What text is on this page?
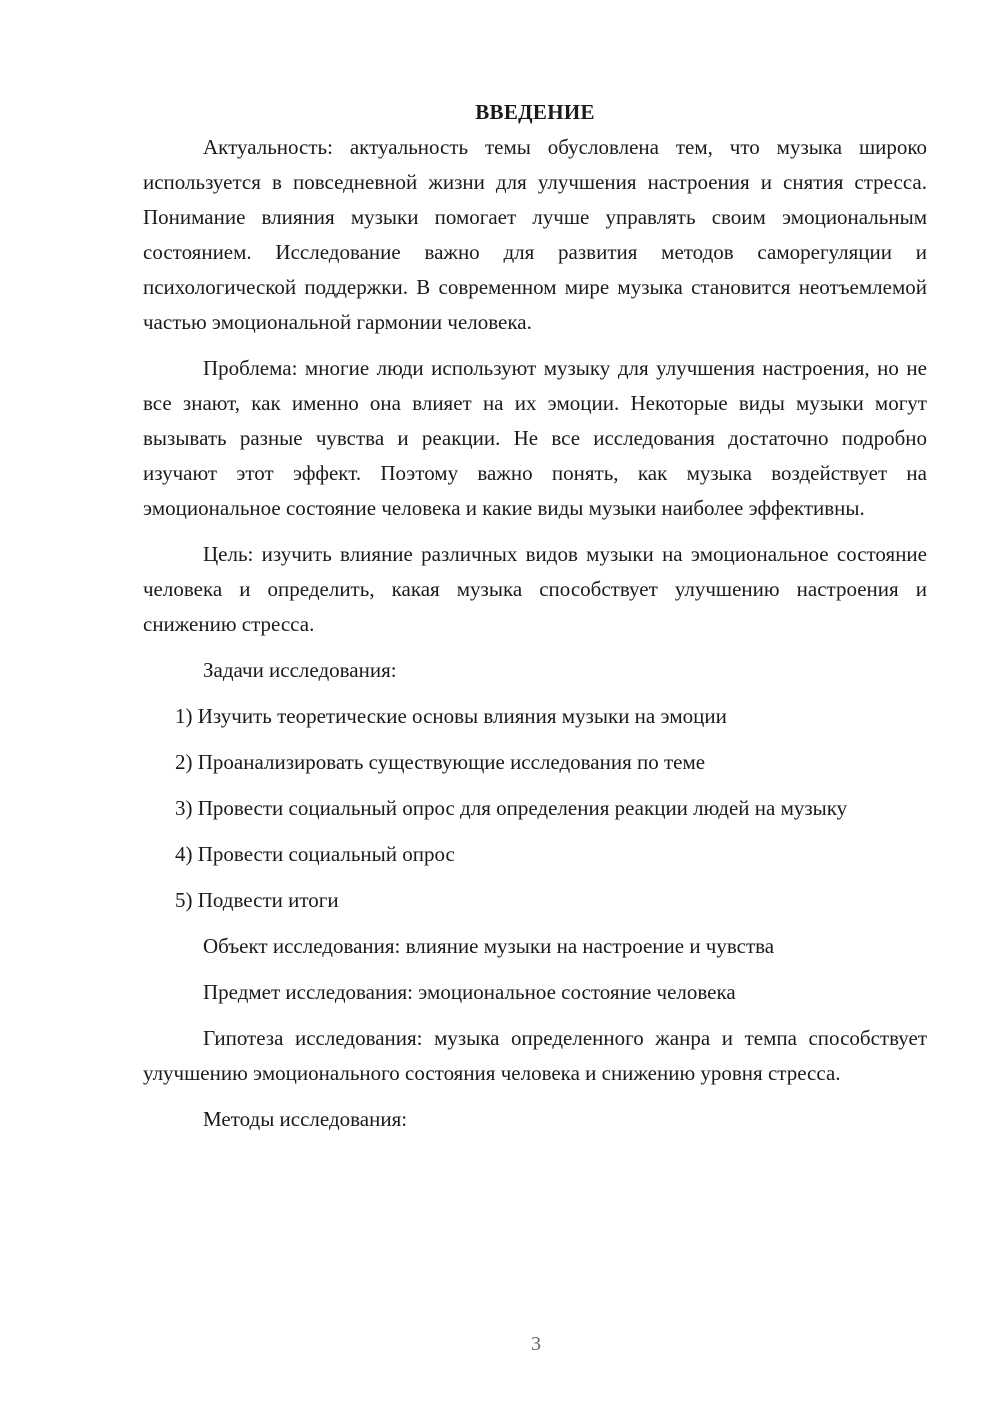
ВВЕДЕНИЕ

Актуальность: актуальность темы обусловлена тем, что музыка широко используется в повседневной жизни для улучшения настроения и снятия стресса. Понимание влияния музыки помогает лучше управлять своим эмоциональным состоянием. Исследование важно для развития методов саморегуляции и психологической поддержки. В современном мире музыка становится неотъемлемой частью эмоциональной гармонии человека.

Проблема: многие люди используют музыку для улучшения настроения, но не все знают, как именно она влияет на их эмоции. Некоторые виды музыки могут вызывать разные чувства и реакции. Не все исследования достаточно подробно изучают этот эффект. Поэтому важно понять, как музыка воздействует на эмоциональное состояние человека и какие виды музыки наиболее эффективны.

Цель: изучить влияние различных видов музыки на эмоциональное состояние человека и определить, какая музыка способствует улучшению настроения и снижению стресса.

Задачи исследования:

1) Изучить теоретические основы влияния музыки на эмоции

2) Проанализировать существующие исследования по теме

3) Провести социальный опрос для определения реакции людей на музыку

4) Провести социальный опрос

5) Подвести итоги

Объект исследования: влияние музыки на настроение и чувства

Предмет исследования: эмоциональное состояние человека

Гипотеза исследования: музыка определенного жанра и темпа способствует улучшению эмоционального состояния человека и снижению уровня стресса.

Методы исследования:

3
